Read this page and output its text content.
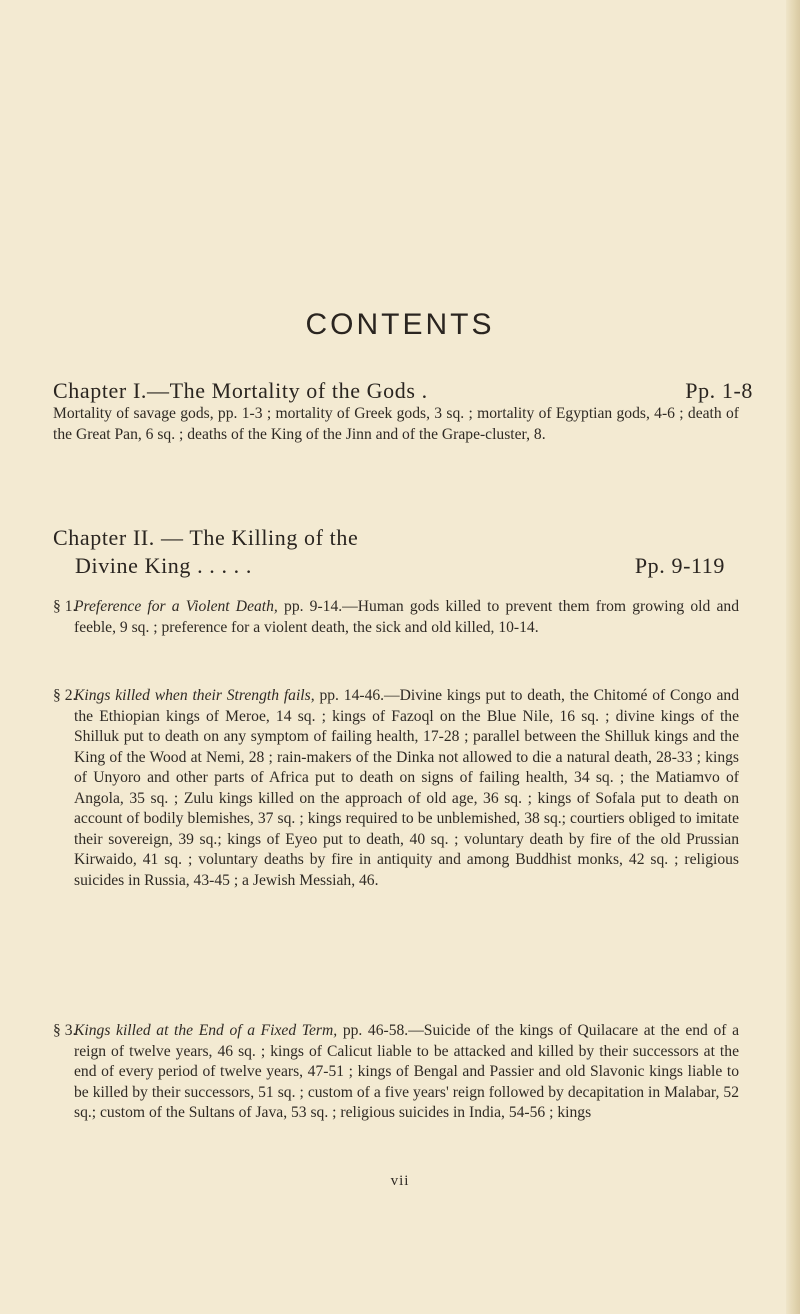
CONTENTS
Chapter I.—The Mortality of the Gods .	Pp. 1-8
Mortality of savage gods, pp. 1-3 ; mortality of Greek gods, 3 sq. ; mortality of Egyptian gods, 4-6 ; death of the Great Pan, 6 sq. ; deaths of the King of the Jinn and of the Grape-cluster, 8.
Chapter II. — The Killing of the
Divine King . . . . .	Pp. 9-119
§ 1.
Preference for a Violent Death, pp. 9-14.—Human gods killed to prevent them from growing old and feeble, 9 sq. ; preference for a violent death, the sick and old killed, 10-14.
§ 2.
Kings killed when their Strength fails, pp. 14-46.—Divine kings put to death, the Chitomé of Congo and the Ethiopian kings of Meroe, 14 sq. ; kings of Fazoql on the Blue Nile, 16 sq. ; divine kings of the Shilluk put to death on any symptom of failing health, 17-28 ; parallel between the Shilluk kings and the King of the Wood at Nemi, 28 ; rain-makers of the Dinka not allowed to die a natural death, 28-33 ; kings of Unyoro and other parts of Africa put to death on signs of failing health, 34 sq. ; the Matiamvo of Angola, 35 sq. ; Zulu kings killed on the approach of old age, 36 sq. ; kings of Sofala put to death on account of bodily blemishes, 37 sq. ; kings required to be unblemished, 38 sq.; courtiers obliged to imitate their sovereign, 39 sq.; kings of Eyeo put to death, 40 sq. ; voluntary death by fire of the old Prussian Kirwaido, 41 sq. ; voluntary deaths by fire in antiquity and among Buddhist monks, 42 sq. ; religious suicides in Russia, 43-45 ; a Jewish Messiah, 46.
§ 3.
Kings killed at the End of a Fixed Term, pp. 46-58.—Suicide of the kings of Quilacare at the end of a reign of twelve years, 46 sq. ; kings of Calicut liable to be attacked and killed by their successors at the end of every period of twelve years, 47-51 ; kings of Bengal and Passier and old Slavonic kings liable to be killed by their successors, 51 sq. ; custom of a five years' reign followed by decapitation in Malabar, 52 sq.; custom of the Sultans of Java, 53 sq. ; religious suicides in India, 54-56 ; kings
vii
